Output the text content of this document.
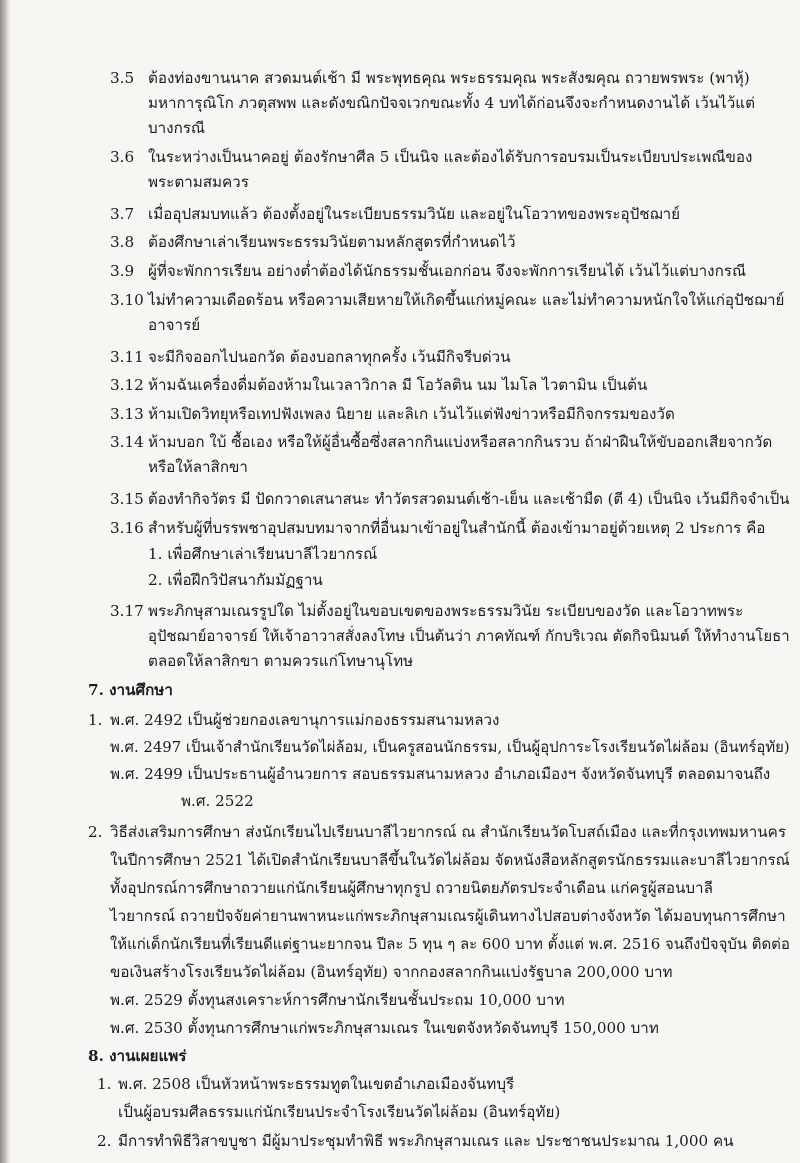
3.5 ต้องท่องขานนาค สวดมนต์เช้า มี พระพุทธคุณ พระธรรมคุณ พระสังฆคุณ ถวายพรพระ (พาหุ้)
มหาการุณิโก ภวตุสพพ และดังขณิกปัจจเวกขณะทั้ง 4 บทได้ก่อนจึงจะกำหนดงานได้ เว้นไว้แต่
บางกรณี
3.6 ในระหว่างเป็นนาคอยู่ ต้องรักษาศีล 5 เป็นนิจ และต้องได้รับการอบรมเป็นระเบียบประเพณีของ
พระตามสมควร
3.7 เมื่ออุปสมบทแล้ว ต้องตั้งอยู่ในระเบียบธรรมวินัย และอยู่ในโอวาทของพระอุปัชฌาย์
3.8 ต้องศึกษาเล่าเรียนพระธรรมวินัยตามหลักสูตรที่กำหนดไว้
3.9 ผู้ที่จะพักการเรียน อย่างต่ำต้องได้นักธรรมชั้นเอกก่อน จึงจะพักการเรียนได้ เว้นไว้แต่บางกรณี
3.10 ไม่ทำความเดือดร้อน หรือความเสียหายให้เกิดขึ้นแก่หมู่คณะ และไม่ทำความหนักใจให้แก่อุปัชฌาย์
อาจารย์
3.11 จะมีกิจออกไปนอกวัด ต้องบอกลาทุกครั้ง เว้นมีกิจรีบด่วน
3.12 ห้ามฉันเครื่องดื่มต้องห้ามในเวลาวิกาล มี โอวัลติน นม ไมโล ไวตามิน เป็นต้น
3.13 ห้ามเปิดวิทยุหรือเทปฟังเพลง นิยาย และลิเก เว้นไว้แต่ฟังข่าวหรือมีกิจกรรมของวัด
3.14 ห้ามบอก ใบ้ ซื้อเอง หรือให้ผู้อื่นซื้อซึ่งสลากกินแบ่งหรือสลากกินรวบ ถ้าฝ่าฝืนให้ขับออกเสียจากวัด
หรือให้ลาสิกขา
3.15 ต้องทำกิจวัตร มี ปัดกวาดเสนาสนะ ทำวัตรสวดมนต์เช้า-เย็น และเช้ามืด (ตี 4) เป็นนิจ เว้นมีกิจจำเป็น
3.16 สำหรับผู้ที่บรรพชาอุปสมบทมาจากที่อื่นมาเข้าอยู่ในสำนักนี้ ต้องเข้ามาอยู่ด้วยเหตุ 2 ประการ คือ
1. เพื่อศึกษาเล่าเรียนบาลีไวยากรณ์
2. เพื่อฝึกวิปัสนากัมมัฏฐาน
3.17 พระภิกษุสามเณรรูปใด ไม่ตั้งอยู่ในขอบเขตของพระธรรมวินัย ระเบียบของวัด และโอวาทพระ
อุปัชฌาย์อาจารย์ ให้เจ้าอาวาสสั่งลงโทษ เป็นต้นว่า ภาคทัณฑ์ กักบริเวณ ตัดกิจนิมนต์ ให้ทำงานโยธา
ตลอดให้ลาสิกขา ตามควรแก่โทษานุโทษ
7. งานศึกษา
1. พ.ศ. 2492 เป็นผู้ช่วยกองเลขานุการแม่กองธรรมสนามหลวง
พ.ศ. 2497 เป็นเจ้าสำนักเรียนวัดไผ่ล้อม, เป็นครูสอนนักธรรม, เป็นผู้อุปการะโรงเรียนวัดไผ่ล้อม (อินทร์อุทัย)
พ.ศ. 2499 เป็นประธานผู้อำนวยการ สอบธรรมสนามหลวง อำเภอเมืองฯ จังหวัดจันทบุรี ตลอดมาจนถึง
พ.ศ. 2522
2. วิธีส่งเสริมการศึกษา ส่งนักเรียนไปเรียนบาลีไวยากรณ์ ณ สำนักเรียนวัดโบสถ์เมือง และที่กรุงเทพมหานคร
ในปีการศึกษา 2521 ได้เปิดสำนักเรียนบาลีขึ้นในวัดไผ่ล้อม จัดหนังสือหลักสูตรนักธรรมและบาลีไวยากรณ์
ทั้งอุปกรณ์การศึกษาถวายแก่นักเรียนผู้ศึกษาทุกรูป ถวายนิตยภัตรประจำเดือน แก่ครูผู้สอนบาลี
ไวยากรณ์ ถวายปัจจัยค่ายานพาหนะแก่พระภิกษุสามเณรผู้เดินทางไปสอบต่างจังหวัด ได้มอบทุนการศึกษา
ให้แก่เด็กนักเรียนที่เรียนดีแต่ฐานะยากจน ปีละ 5 ทุน ๆ ละ 600 บาท ตั้งแต่ พ.ศ. 2516 จนถึงปัจจุบัน ติดต่อ
ขอเงินสร้างโรงเรียนวัดไผ่ล้อม (อินทร์อุทัย) จากกองสลากกินแบ่งรัฐบาล 200,000 บาท
พ.ศ. 2529 ตั้งทุนสงเคราะห์การศึกษานักเรียนชั้นประถม 10,000 บาท
พ.ศ. 2530 ตั้งทุนการศึกษาแก่พระภิกษุสามเณร ในเขตจังหวัดจันทบุรี 150,000 บาท
8. งานเผยแพร่
1. พ.ศ. 2508 เป็นหัวหน้าพระธรรมทูตในเขตอำเภอเมืองจันทบุรี
เป็นผู้อบรมศีลธรรมแก่นักเรียนประจำโรงเรียนวัดไผ่ล้อม (อินทร์อุทัย)
2. มีการทำพิธีวิสาขบูชา มีผู้มาประชุมทำพิธี พระภิกษุสามเณร และ ประชาชนประมาณ 1,000 คน
